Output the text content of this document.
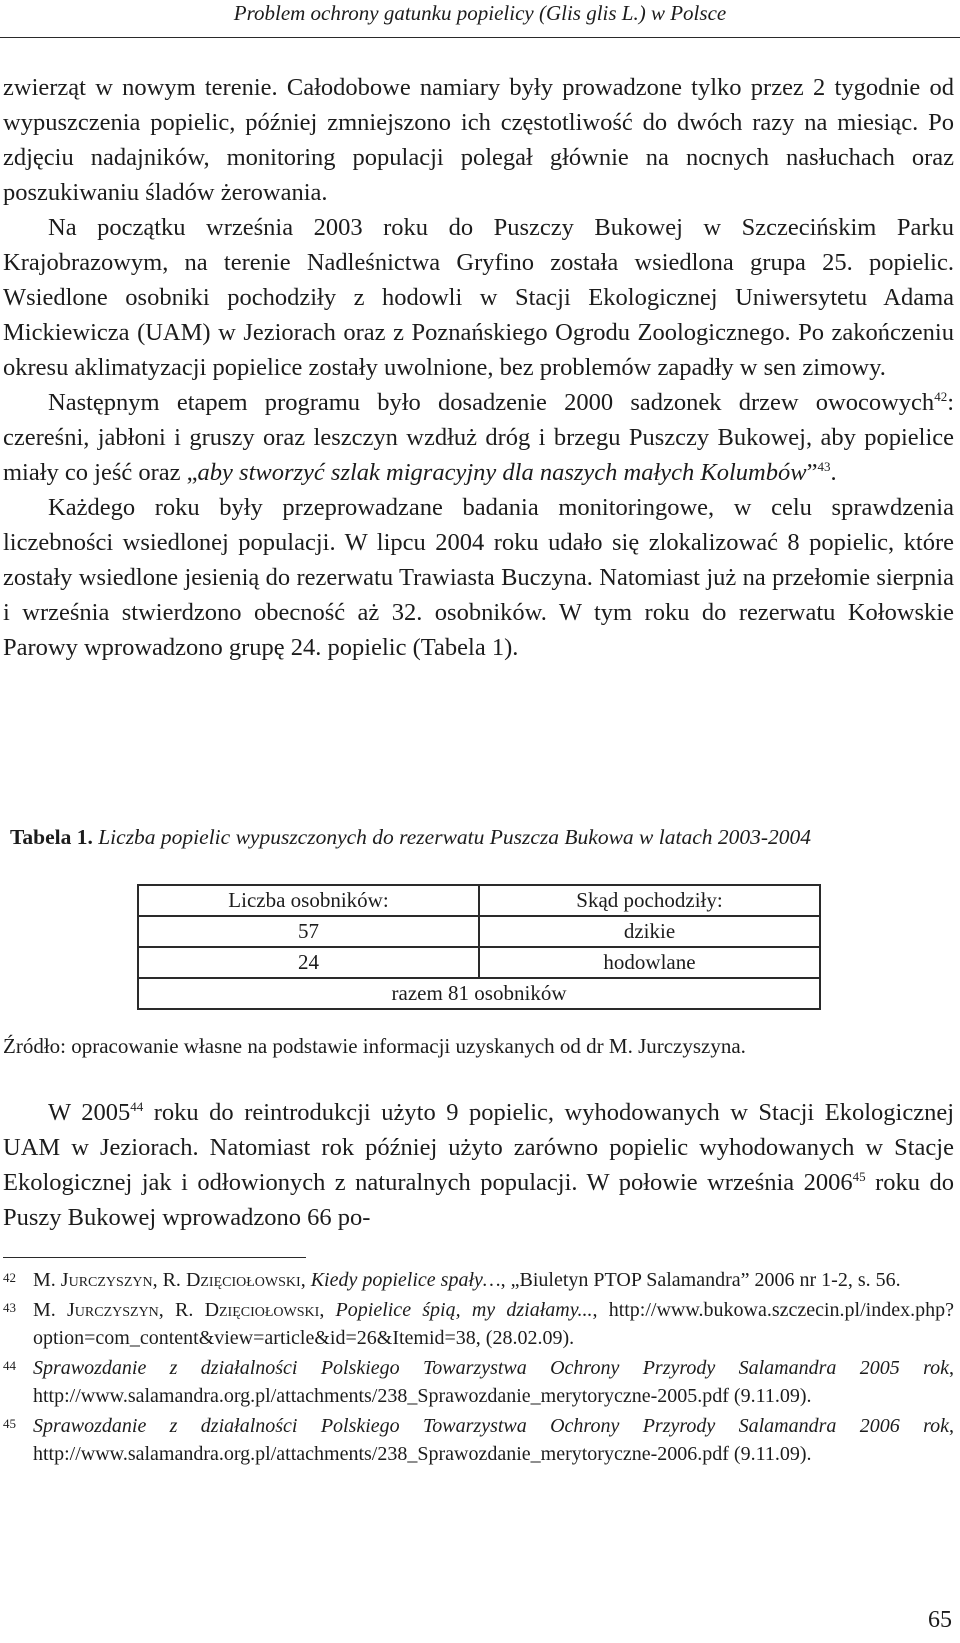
Problem ochrony gatunku popielicy (Glis glis L.) w Polsce

zwierząt w nowym terenie. Całodobowe namiary były prowadzone tylko przez 2 tygodnie od wypuszczenia popielic, później zmniejszono ich częstotliwość do dwóch razy na miesiąc. Po zdjęciu nadajników, monitoring populacji polegał głównie na nocnych nasłuchach oraz poszukiwaniu śladów żerowania.

Na początku września 2003 roku do Puszczy Bukowej w Szczecińskim Parku Krajobrazowym, na terenie Nadleśnictwa Gryfino została wsiedlona grupa 25. popielic. Wsiedlone osobniki pochodziły z hodowli w Stacji Ekologicznej Uniwersytetu Adama Mickiewicza (UAM) w Jeziorach oraz z Poznańskiego Ogrodu Zoologicznego. Po zakończeniu okresu aklimatyzacji popielice zostały uwolnione, bez problemów zapadły w sen zimowy.

Następnym etapem programu było dosadzenie 2000 sadzonek drzew owocowych$^{42}$: czereśni, jabłoni i gruszy oraz leszczyn wzdłuż dróg i brzegu Puszczy Bukowej, aby popielice miały co jeść oraz „aby stworzyć szlak migracyjny dla naszych małych Kolumbów”$^{43}$.

Każdego roku były przeprowadzane badania monitoringowe, w celu sprawdzenia liczebności wsiedlonej populacji. W lipcu 2004 roku udało się zlokalizować 8 popielic, które zostały wsiedlone jesienią do rezerwatu Trawiasta Buczyna. Natomiast już na przełomie sierpnia i września stwierdzono obecność aż 32. osobników. W tym roku do rezerwatu Kołowskie Parowy wprowadzono grupę 24. popielic (Tabela 1).

Tabela 1. Liczba popielic wypuszczonych do rezerwatu Puszcza Bukowa w latach 2003-2004
Liczba osobników:	Skąd pochodziły:
57	dzikie
24	hodowlane
razem 81 osobników	
Źródło: opracowanie własne na podstawie informacji uzyskanych od dr M. Jurczyszyna.

W 2005$^{44}$ roku do reintrodukcji użyto 9 popielic, wyhodowanych w Stacji Ekologicznej UAM w Jeziorach. Natomiast rok później użyto zarówno popielic wyhodowanych w Stacje Ekologicznej jak i odłowionych z naturalnych populacji. W połowie września 2006$^{45}$ roku do Puszy Bukowej wprowadzono 66 po-

42 M. Jurczyszyn, R. Dzięciołowski, Kiedy popielice spały…, „Biuletyn PTOP Salamandra” 2006 nr 1-2, s. 56.
43 M. Jurczyszyn, R. Dzięciołowski, Popielice śpią, my działamy..., http://www.bukowa.szczecin.pl/index.php?option=com_content&view=article&id=26&Itemid=38, (28.02.09).
44 Sprawozdanie z działalności Polskiego Towarzystwa Ochrony Przyrody Salamandra 2005 rok, http://www.salamandra.org.pl/attachments/238_Sprawozdanie_merytoryczne-2005.pdf (9.11.09).
45 Sprawozdanie z działalności Polskiego Towarzystwa Ochrony Przyrody Salamandra 2006 rok, http://www.salamandra.org.pl/attachments/238_Sprawozdanie_merytoryczne-2006.pdf (9.11.09).
65
